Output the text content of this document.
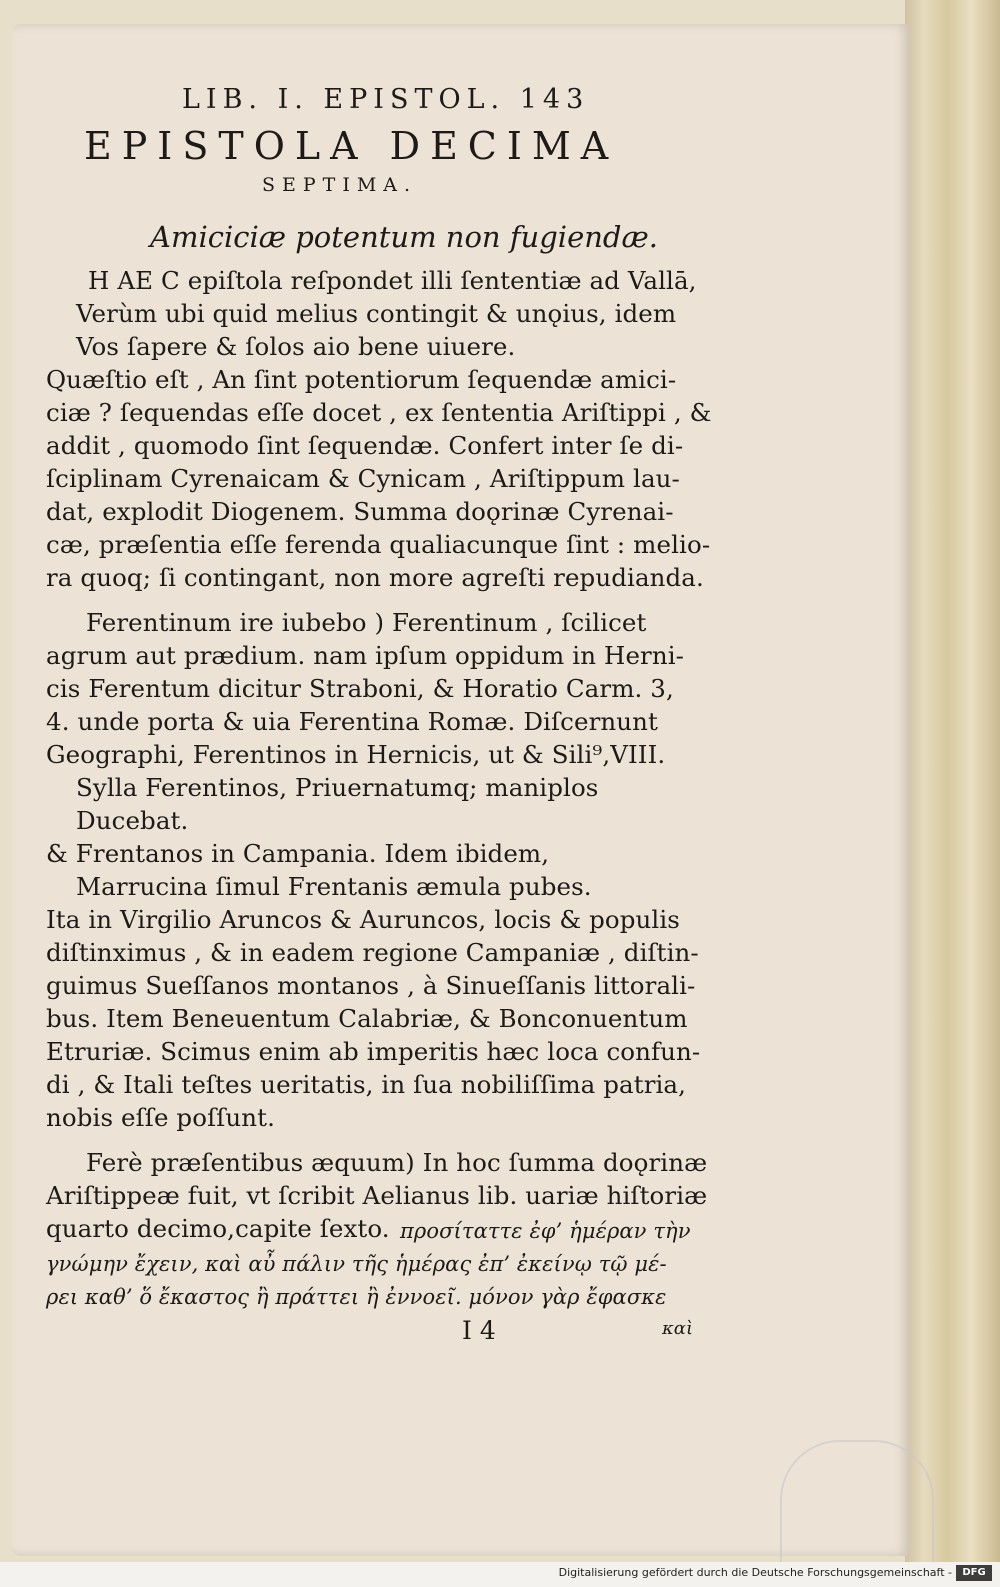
LIB. I. EPISTOL. 143
EPISTOLA DECIMA
SEPTIMA.
Amiciciæ potentum non fugiendæ.
H AE C epiſtola reſpondet illi ſententiæ ad Vallā,
Verùm ubi quid melius contingit & unǫius, idem
Vos ſapere & ſolos aio bene uiuere.
Quæſtio eſt , An ſint potentiorum ſequendæ amici-
ciæ ? ſequendas eſſe docet , ex ſententia Ariſtippi , &
addit , quomodo ſint ſequendæ. Confert inter ſe di-
ſciplinam Cyrenaicam & Cynicam , Ariſtippum lau-
dat, explodit Diogenem. Summa doǫrinæ Cyrenai-
cæ, præſentia eſſe ferenda qualiacunque ſint : melio-
ra quoq; ſi contingant, non more agreſti repudianda.
Ferentinum ire iubebo ) Ferentinum , ſcilicet
agrum aut prædium. nam ipſum oppidum in Herni-
cis Ferentum dicitur Straboni, & Horatio Carm. 3,
4. unde porta & uia Ferentina Romæ. Diſcernunt
Geographi, Ferentinos in Hernicis, ut & Sili⁹,VIII.
Sylla Ferentinos, Priuernatumq; maniplos
Ducebat.
& Frentanos in Campania. Idem ibidem,
Marrucina ſimul Frentanis æmula pubes.
Ita in Virgilio Aruncos & Auruncos, locis & populis
diſtinximus , & in eadem regione Campaniæ , diſtin-
guimus Sueſſanos montanos , à Sinueſſanis littorali-
bus. Item Beneuentum Calabriæ, & Bonconuentum
Etruriæ. Scimus enim ab imperitis hæc loca confun-
di , & Itali teſtes ueritatis, in ſua nobiliſſima patria,
nobis eſſe poſſunt.
Ferè præſentibus æquum) In hoc ſumma doǫrinæ
Ariſtippeæ fuit, vt ſcribit Aelianus lib. uariæ hiſtoriæ
quarto decimo,capite ſexto. προσίταττε ἐφ’ ἡμέραν τὴν
γνώμην ἔχειν, καὶ αὖ πάλιν τῆς ἡμέρας ἐπ’ ἐκείνῳ τῷ μέ-
ρει καθ’ ὅ ἔκαστος ἢ πράττει ἢ ἐννοεῖ. μόνον γὰρ ἔφασκε
I 4	καὶ
Digitalisierung gefördert durch die Deutsche Forschungsgemeinschaft -	DFG
